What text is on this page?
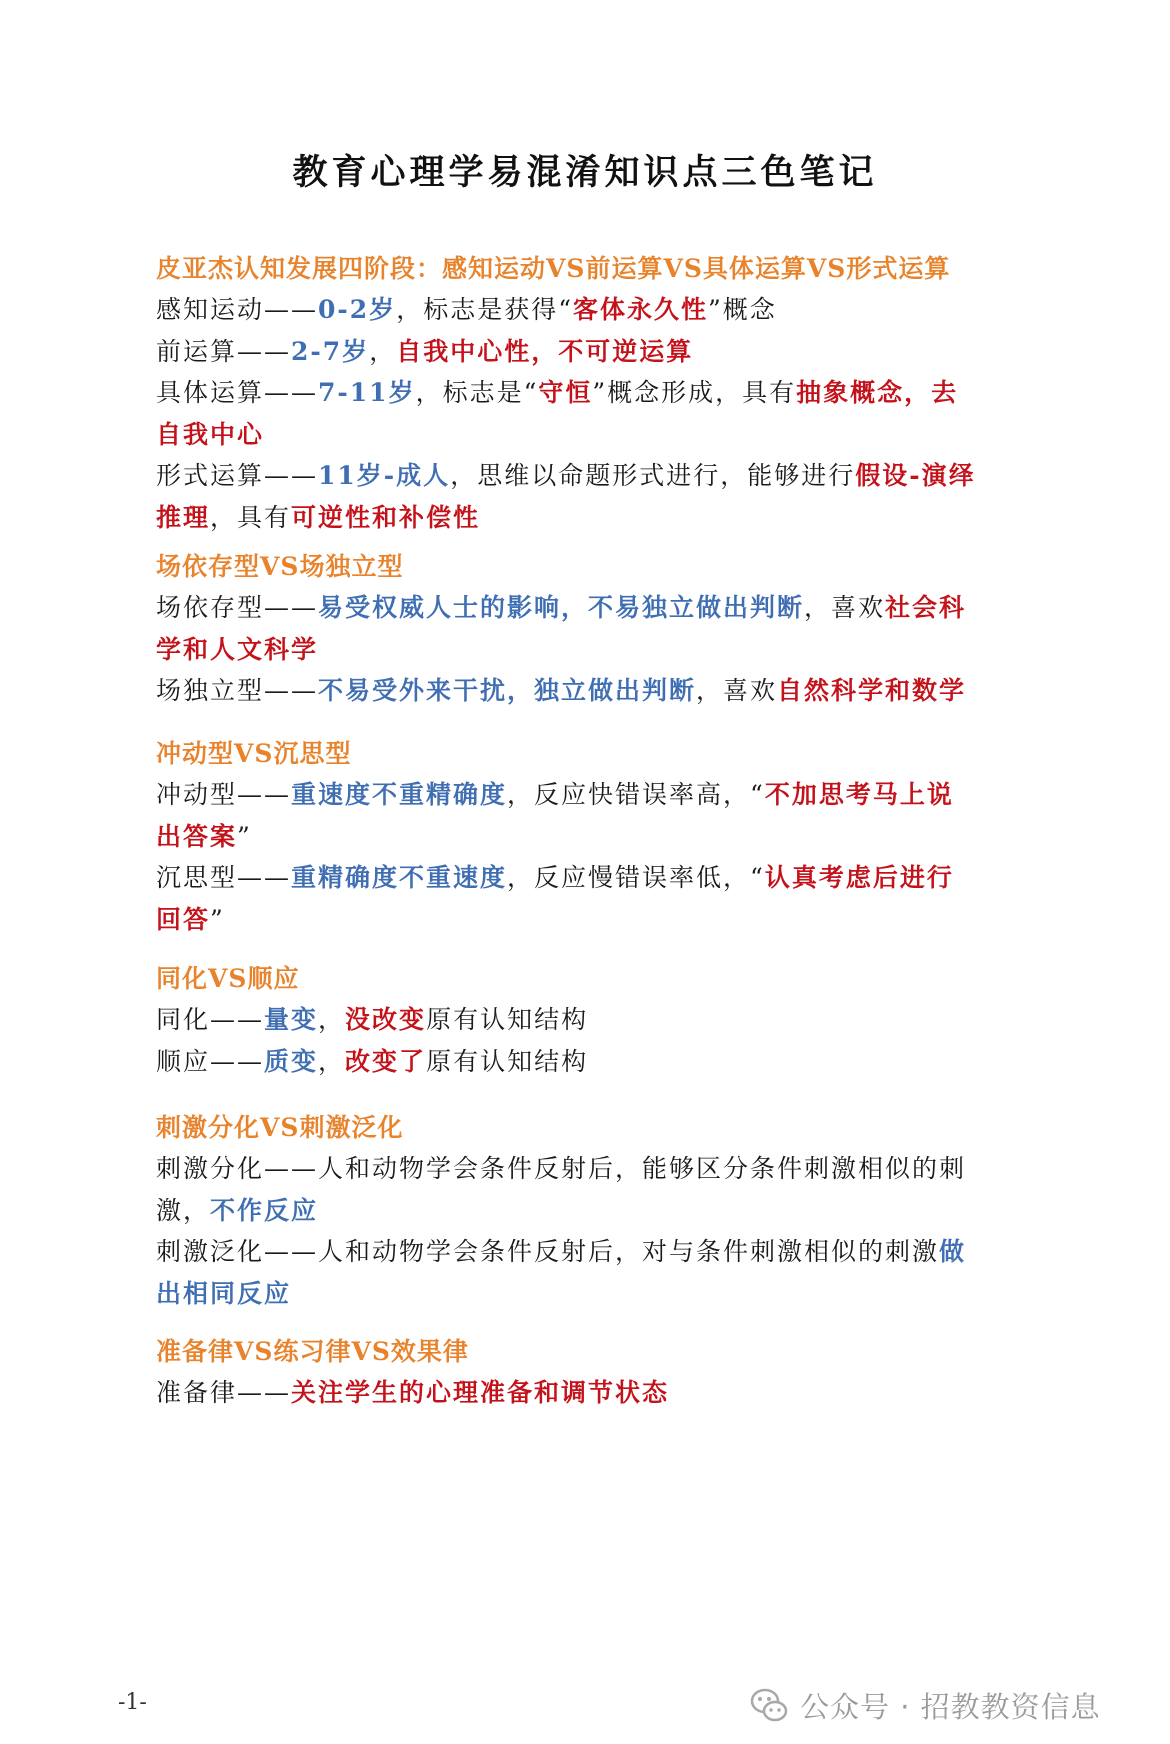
教育心理学易混淆知识点三色笔记
皮亚杰认知发展四阶段：感知运动VS前运算VS具体运算VS形式运算
感知运动——0-2岁，标志是获得“客体永久性”概念
前运算——2-7岁，自我中心性，不可逆运算
具体运算——7-11岁，标志是“守恒”概念形成，具有抽象概念，去
自我中心
形式运算——11岁-成人，思维以命题形式进行，能够进行假设-演绎
推理，具有可逆性和补偿性
场依存型VS场独立型
场依存型——易受权威人士的影响，不易独立做出判断，喜欢社会科
学和人文科学
场独立型——不易受外来干扰，独立做出判断，喜欢自然科学和数学
冲动型VS沉思型
冲动型——重速度不重精确度，反应快错误率高，“不加思考马上说
出答案”
沉思型——重精确度不重速度，反应慢错误率低，“认真考虑后进行
回答”
同化VS顺应
同化——量变，没改变原有认知结构
顺应——质变，改变了原有认知结构
刺激分化VS刺激泛化
刺激分化——人和动物学会条件反射后，能够区分条件刺激相似的刺
激，不作反应
刺激泛化——人和动物学会条件反射后，对与条件刺激相似的刺激做
出相同反应
准备律VS练习律VS效果律
准备律——关注学生的心理准备和调节状态
-1-	公众号 · 招教教资信息
